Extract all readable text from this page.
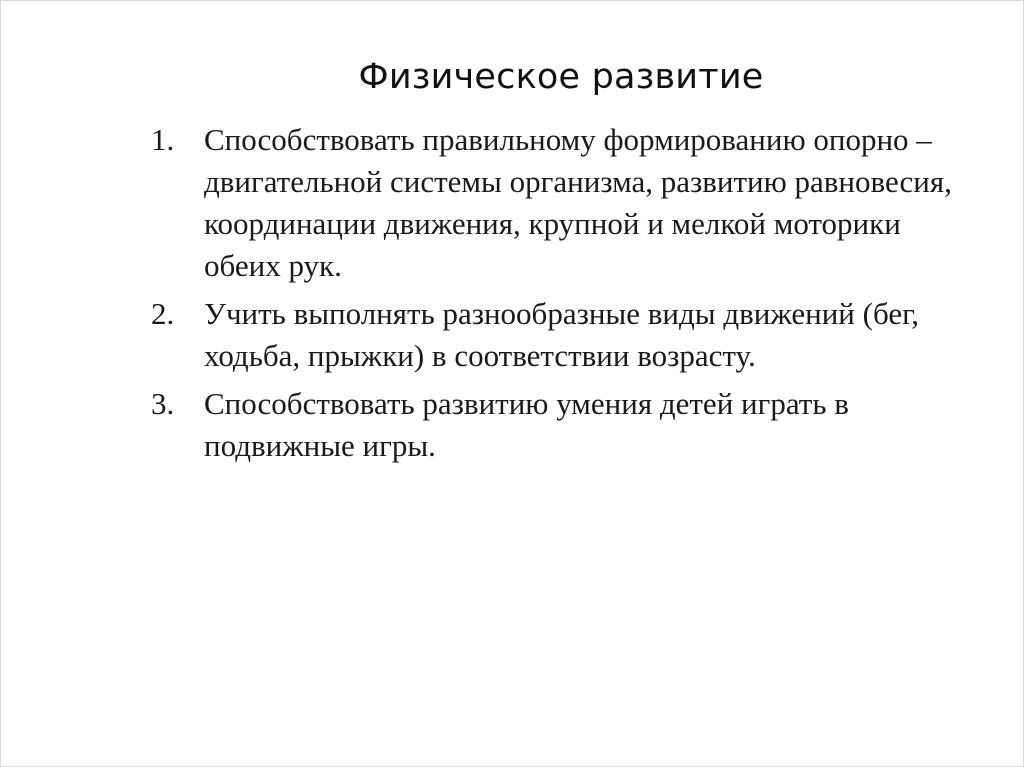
Физическое развитие
1. Способствовать правильному формированию опорно – двигательной системы организма, развитию равновесия, координации движения, крупной и мелкой моторики обеих рук.
2. Учить выполнять разнообразные виды движений (бег, ходьба, прыжки) в соответствии возрасту.
3. Способствовать развитию умения детей играть в подвижные игры.
